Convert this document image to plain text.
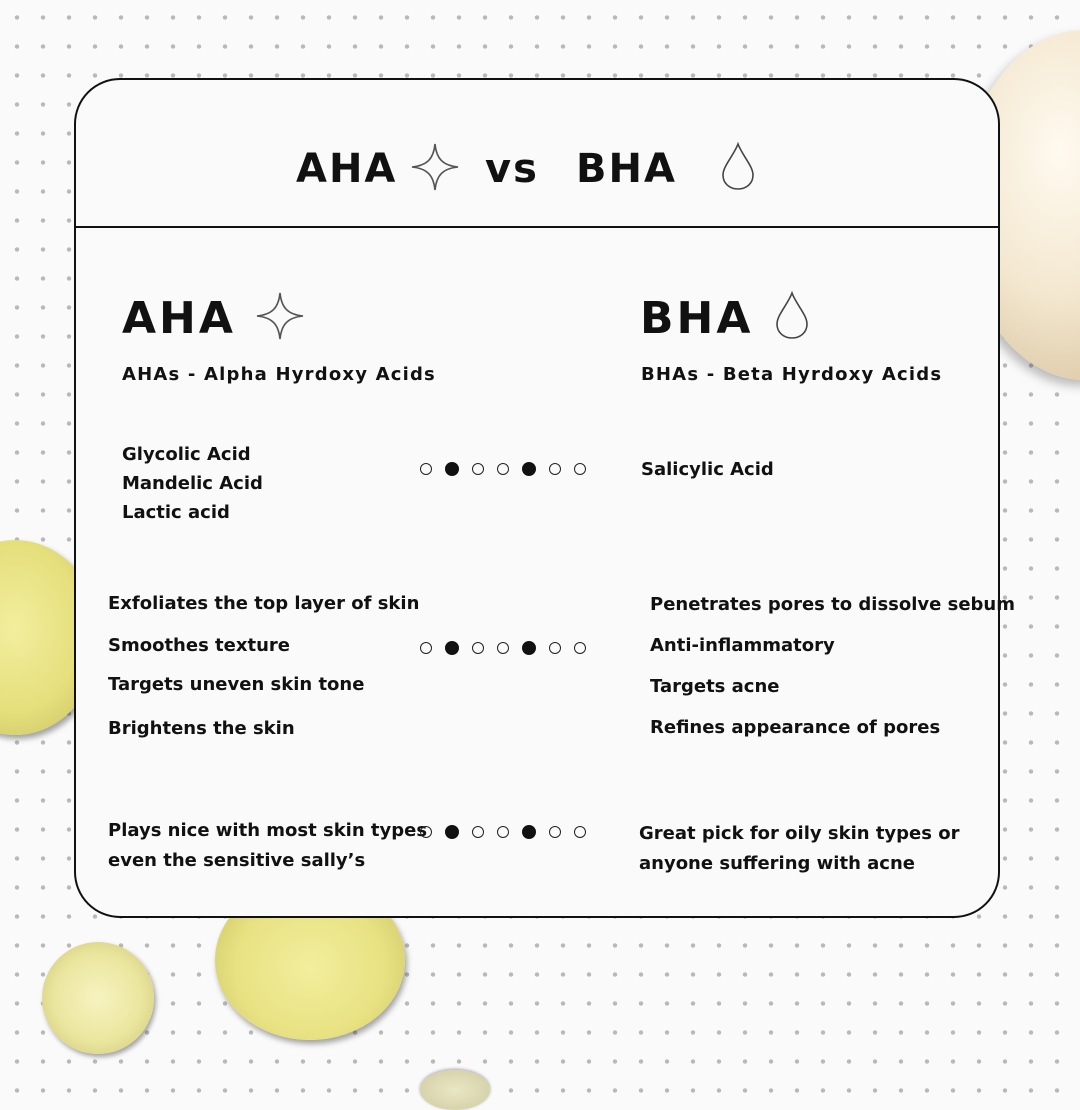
AHA vs BHA
AHA
AHAs - Alpha Hyrdoxy Acids
BHA
BHAs - Beta Hyrdoxy Acids
Glycolic Acid
Mandelic Acid
Lactic acid
Salicylic Acid
Exfoliates the top layer of skin
Smoothes texture
Targets uneven skin tone
Brightens the skin
Penetrates pores to dissolve sebum
Anti-inflammatory
Targets acne
Refines appearance of pores
Plays nice with most skin types
even the sensitive sally’s
Great pick for oily skin types or
anyone suffering with acne
